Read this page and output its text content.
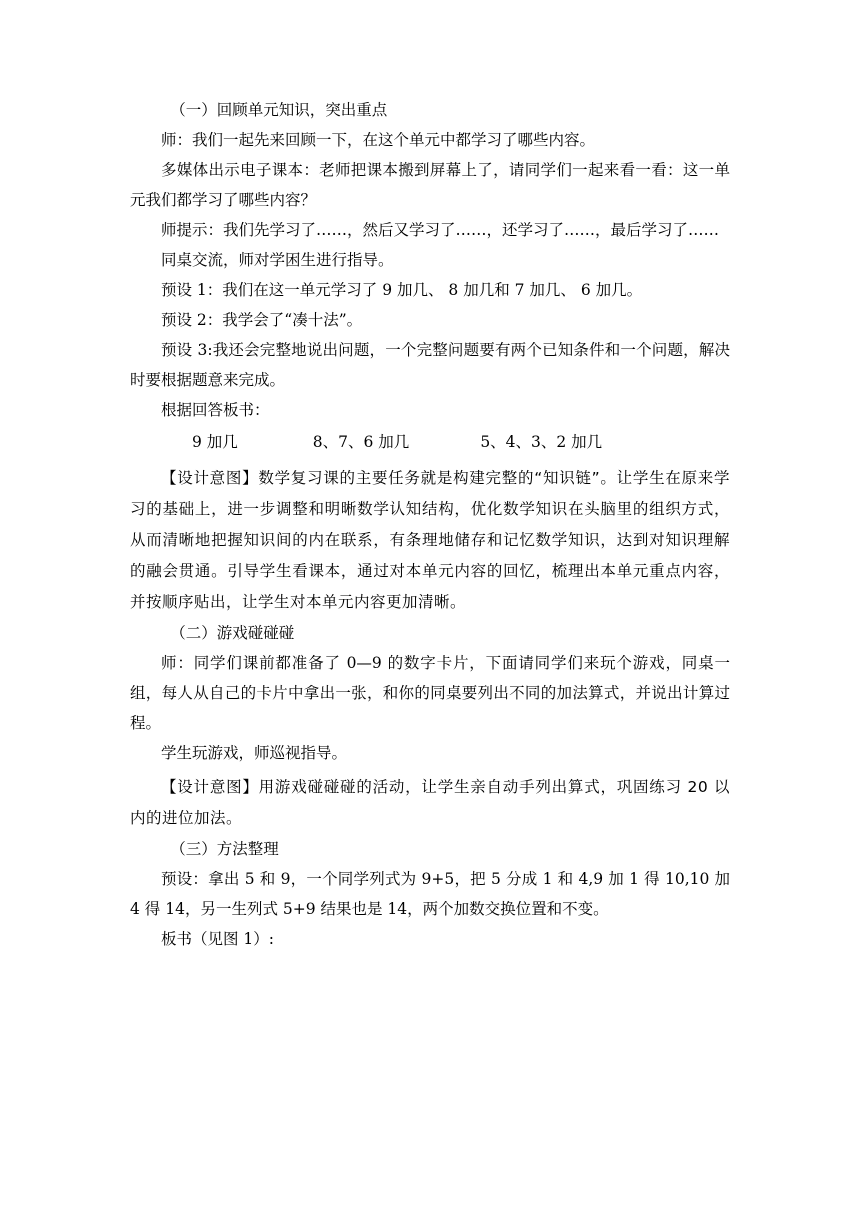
（一）回顾单元知识，突出重点

师：我们一起先来回顾一下，在这个单元中都学习了哪些内容。

多媒体出示电子课本：老师把课本搬到屏幕上了，请同学们一起来看一看：这一单元我们都学习了哪些内容？

师提示：我们先学习了……，然后又学习了……，还学习了……，最后学习了……

同桌交流，师对学困生进行指导。

预设 1：我们在这一单元学习了 9 加几、 8 加几和 7 加几、 6 加几。

预设 2：我学会了“凑十法”。

预设 3:我还会完整地说出问题，一个完整问题要有两个已知条件和一个问题，解决时要根据题意来完成。

根据回答板书：

9 加几	8、7、6 加几	5、4、3、2 加几

【设计意图】数学复习课的主要任务就是构建完整的“知识链”。让学生在原来学习的基础上，进一步调整和明晰数学认知结构，优化数学知识在头脑里的组织方式，从而清晰地把握知识间的内在联系，有条理地储存和记忆数学知识，达到对知识理解的融会贯通。引导学生看课本，通过对本单元内容的回忆，梳理出本单元重点内容，并按顺序贴出，让学生对本单元内容更加清晰。

（二）游戏碰碰碰

师：同学们课前都准备了 0—9 的数字卡片，下面请同学们来玩个游戏，同桌一组，每人从自己的卡片中拿出一张，和你的同桌要列出不同的加法算式，并说出计算过程。

学生玩游戏，师巡视指导。

【设计意图】用游戏碰碰碰的活动，让学生亲自动手列出算式，巩固练习 20 以内的进位加法。

（三）方法整理

预设：拿出 5 和 9，一个同学列式为 9+5，把 5 分成 1 和 4,9 加 1 得 10,10 加 4 得 14，另一生列式 5+9 结果也是 14，两个加数交换位置和不变。

板书（见图 1）:
